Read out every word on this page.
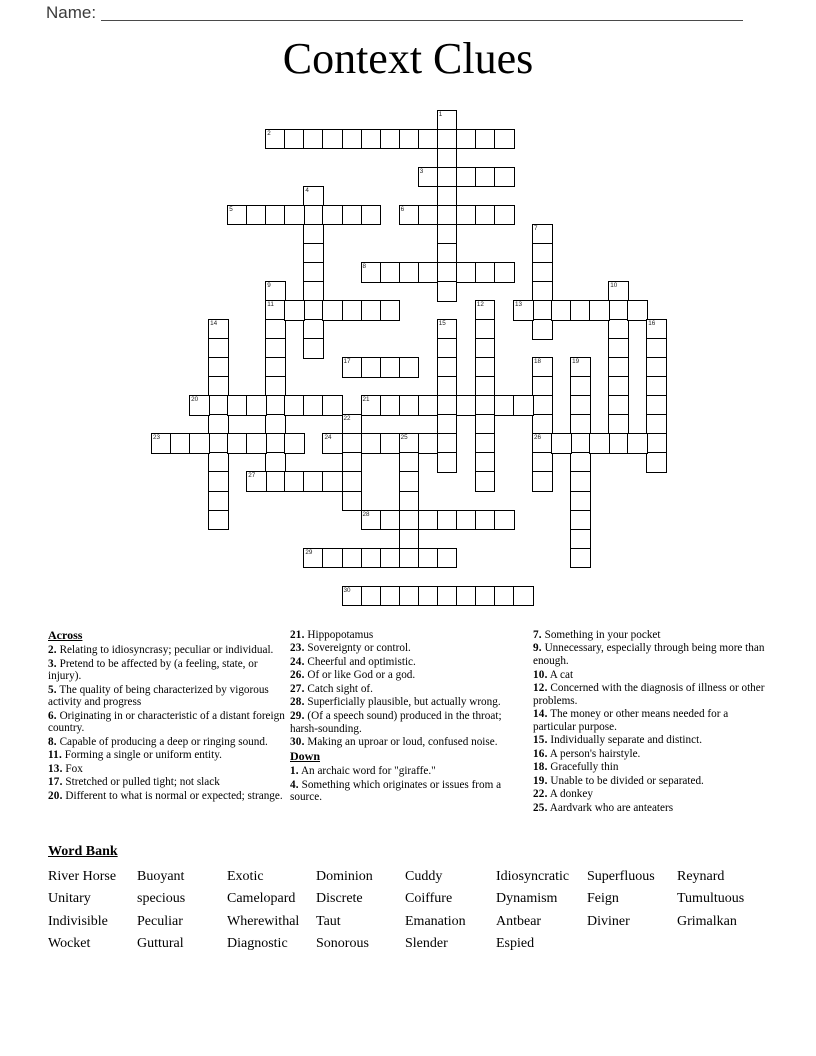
Name:
Context Clues
1
2
3
4
5	6
7
8
9
11
10
12	13
14	15	16
17	18
26
19
20	21
22
23	24	25
27
28
29
30
Across

2. Relating to idiosyncrasy; peculiar or individual.

3. Pretend to be affected by (a feeling, state, or injury).

5. The quality of being characterized by vigorous activity and progress

6. Originating in or characteristic of a distant foreign country.

8. Capable of producing a deep or ringing sound.

11. Forming a single or uniform entity.

13. Fox

17. Stretched or pulled tight; not slack

20. Different to what is normal or expected; strange.

21. Hippopotamus

23. Sovereignty or control.

24. Cheerful and optimistic.

26. Of or like God or a god.

27. Catch sight of.

28. Superficially plausible, but actually wrong.

29. (Of a speech sound) produced in the throat; harsh-sounding.

30. Making an uproar or loud, confused noise.

Down

1. An archaic word for "giraffe."

4. Something which originates or issues from a source.

7. Something in your pocket

9. Unnecessary, especially through being more than enough.

10. A cat

12. Concerned with the diagnosis of illness or other problems.

14. The money or other means needed for a particular purpose.

15. Individually separate and distinct.

16. A person's hairstyle.

18. Gracefully thin

19. Unable to be divided or separated.

22. A donkey

25. Aardvark who are anteaters

Word Bank
River Horse	Buoyant	Exotic	Dominion	Cuddy	Idiosyncratic	Superfluous	Reynard
Unitary	specious	Camelopard	Discrete	Coiffure	Dynamism	Feign	Tumultuous
Indivisible	Peculiar	Wherewithal	Taut	Emanation	Antbear	Diviner	Grimalkan
Wocket	Guttural	Diagnostic	Sonorous	Slender	Espied
